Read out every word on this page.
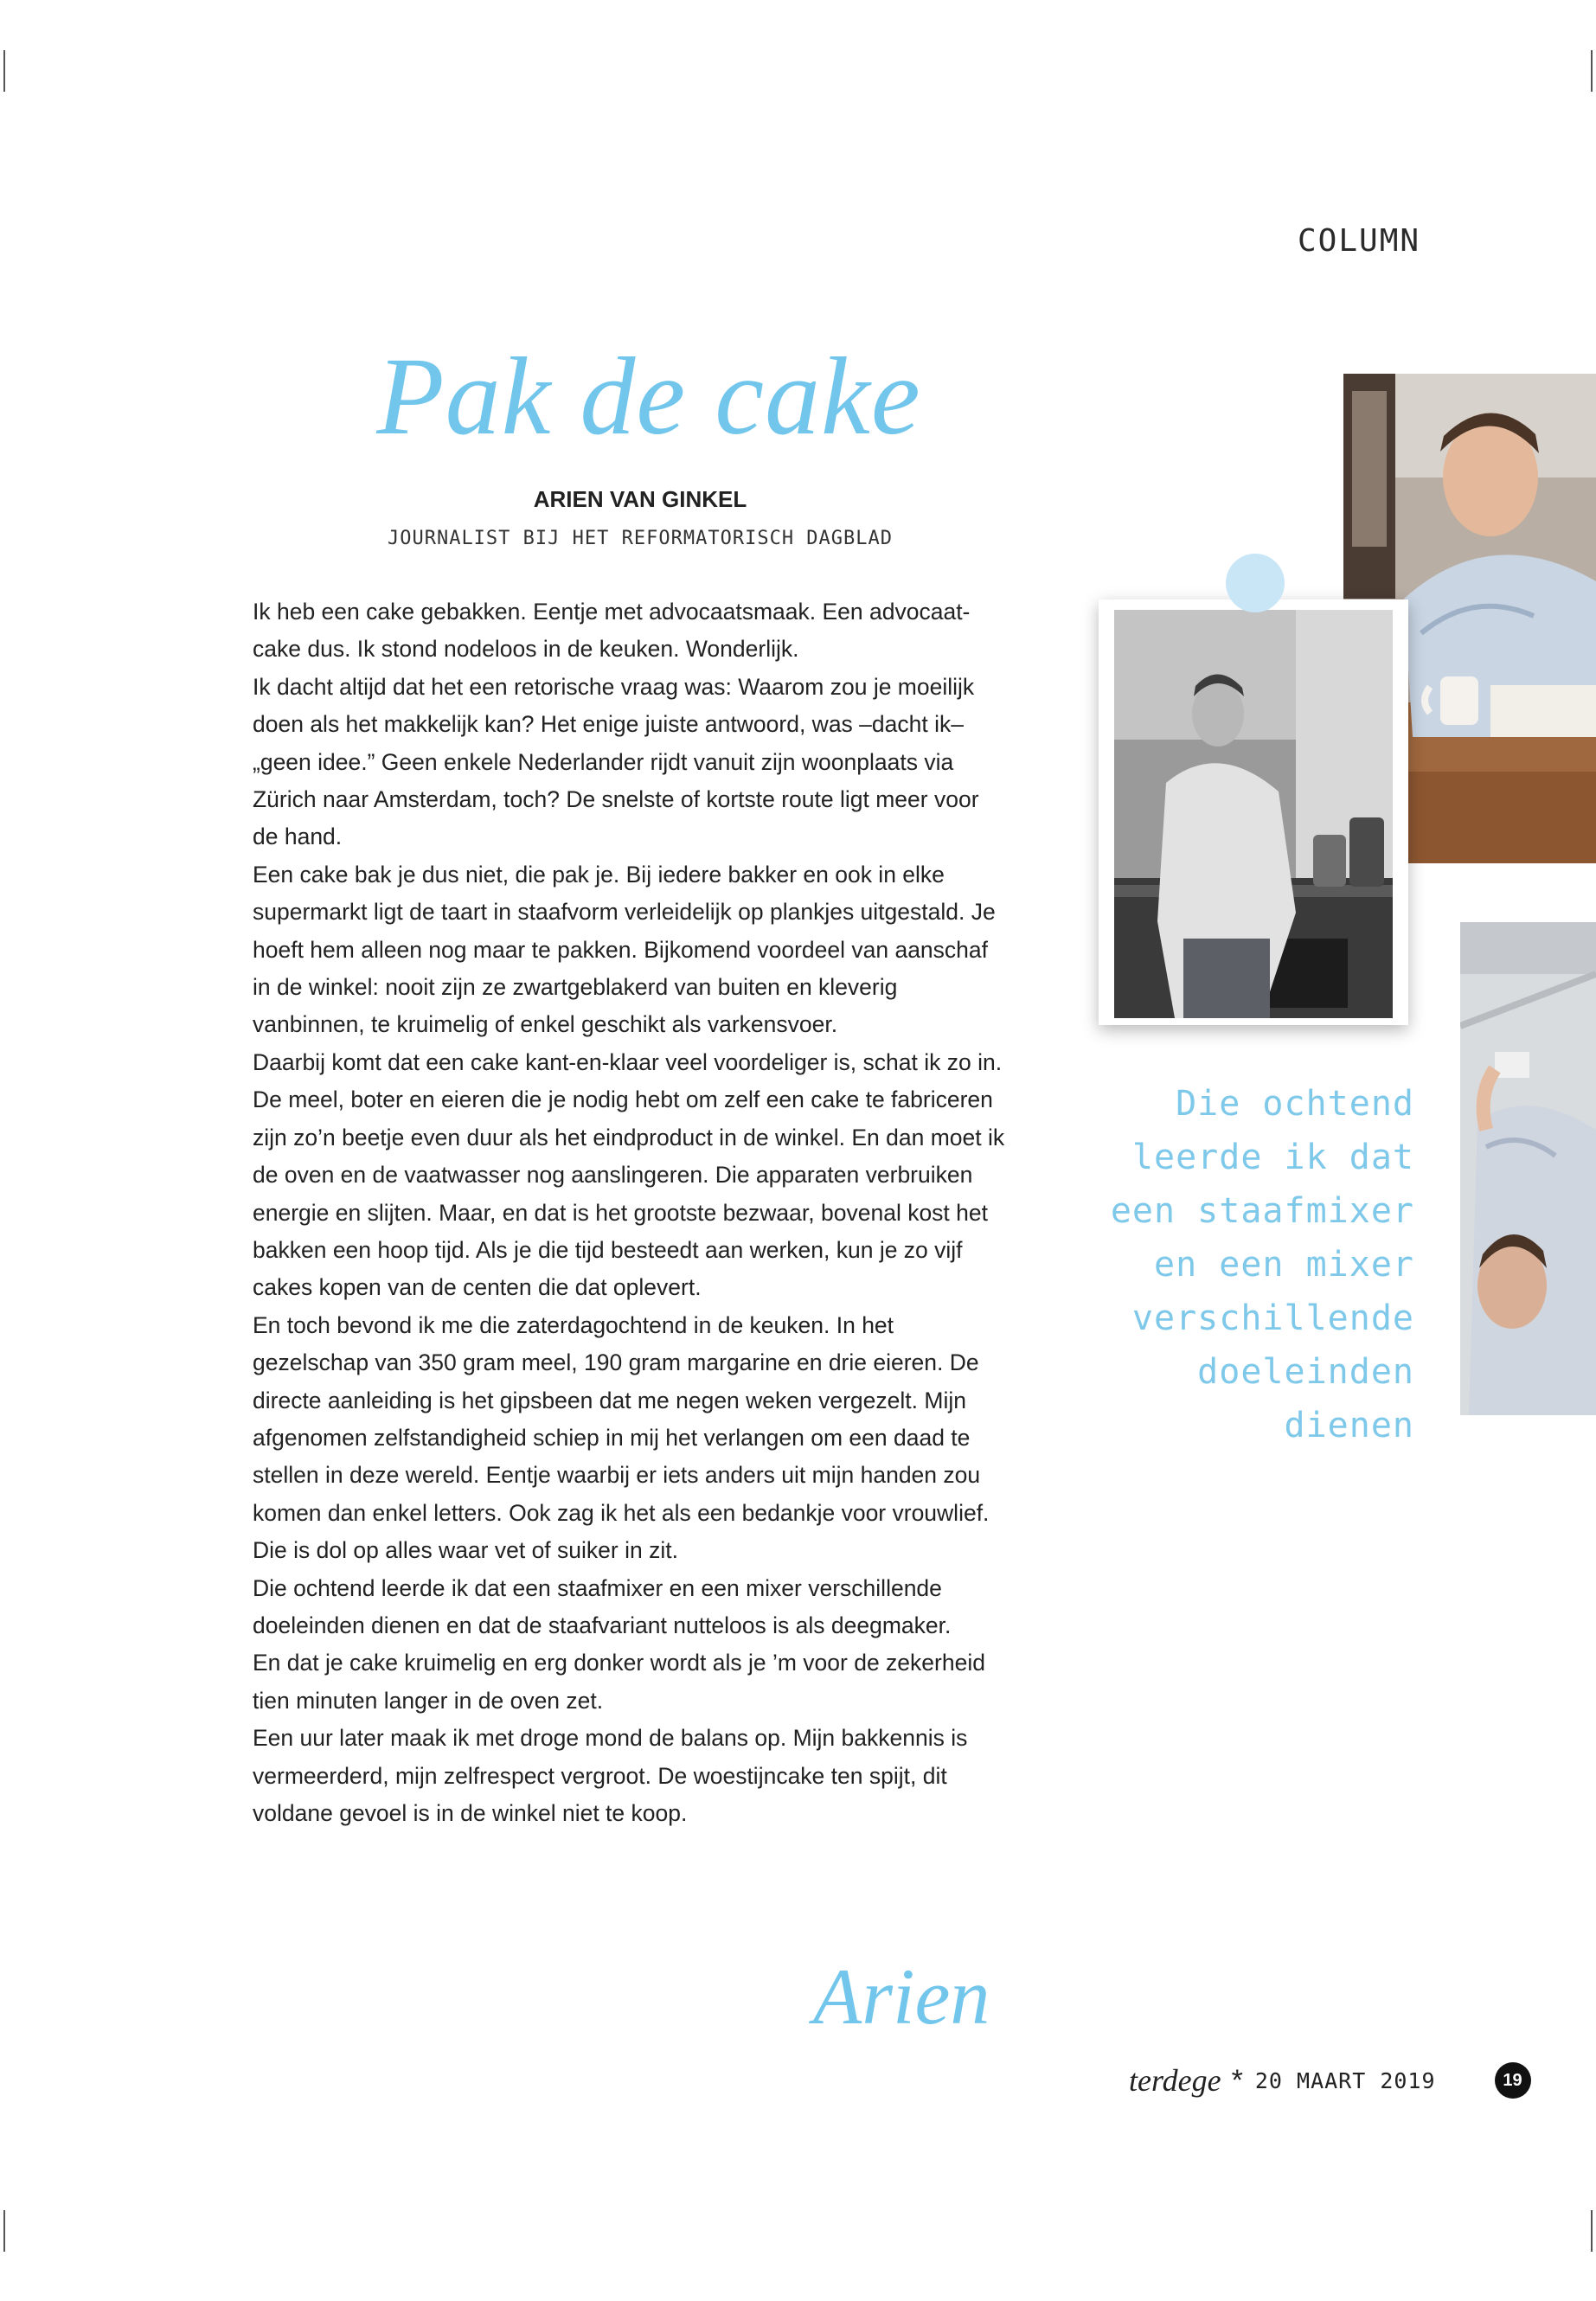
COLUMN
Pak de cake
ARIEN VAN GINKEL
JOURNALIST BIJ HET REFORMATORISCH DAGBLAD

Ik heb een cake gebakken. Eentje met advocaatsmaak. Een advocaat-cake dus. Ik stond nodeloos in de keuken. Wonderlijk.

Ik dacht altijd dat het een retorische vraag was: Waarom zou je moeilijk doen als het makkelijk kan? Het enige juiste antwoord, was –dacht ik– „geen idee.” Geen enkele Nederlander rijdt vanuit zijn woonplaats via Zürich naar Amsterdam, toch? De snelste of kortste route ligt meer voor de hand.

Een cake bak je dus niet, die pak je. Bij iedere bakker en ook in elke supermarkt ligt de taart in staafvorm verleidelijk op plankjes uitgestald. Je hoeft hem alleen nog maar te pakken. Bijkomend voordeel van aanschaf in de winkel: nooit zijn ze zwartgeblakerd van buiten en kleverig vanbinnen, te kruimelig of enkel geschikt als varkensvoer.

Daarbij komt dat een cake kant-en-klaar veel voordeliger is, schat ik zo in. De meel, boter en eieren die je nodig hebt om zelf een cake te fabriceren zijn zo’n beetje even duur als het eindproduct in de winkel. En dan moet ik de oven en de vaatwasser nog aanslingeren. Die apparaten verbruiken energie en slijten. Maar, en dat is het grootste bezwaar, bovenal kost het bakken een hoop tijd. Als je die tijd besteedt aan werken, kun je zo vijf cakes kopen van de centen die dat oplevert.

En toch bevond ik me die zaterdagochtend in de keuken. In het gezelschap van 350 gram meel, 190 gram margarine en drie eieren. De directe aanleiding is het gipsbeen dat me negen weken vergezelt. Mijn afgenomen zelfstandigheid schiep in mij het verlangen om een daad te stellen in deze wereld. Eentje waarbij er iets anders uit mijn handen zou komen dan enkel letters. Ook zag ik het als een bedankje voor vrouwlief. Die is dol op alles waar vet of suiker in zit.

Die ochtend leerde ik dat een staafmixer en een mixer verschillende doeleinden dienen en dat de staafvariant nutteloos is als deegmaker.

En dat je cake kruimelig en erg donker wordt als je ’m voor de zekerheid tien minuten langer in de oven zet.

Een uur later maak ik met droge mond de balans op. Mijn bakkennis is vermeerderd, mijn zelfrespect vergroot. De woestijncake ten spijt, dit voldane gevoel is in de winkel niet te koop.

Die ochtend leerde ik dat een staafmixer en een mixer verschillende doeleinden dienen
Arien
terdege * 20 MAART 2019	19
